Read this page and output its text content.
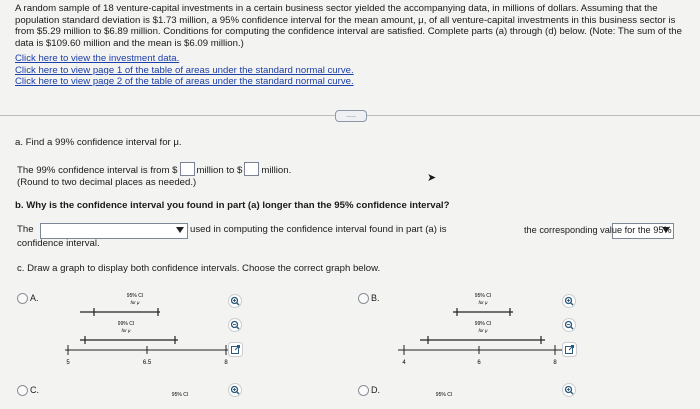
A random sample of 18 venture-capital investments in a certain business sector yielded the accompanying data, in millions of dollars. Assuming that the population standard deviation is $1.73 million, a 95% confidence interval for the mean amount, μ, of all venture-capital investments in this business sector is from $5.29 million to $6.89 million. Conditions for computing the confidence interval are satisfied. Complete parts (a) through (d) below. (Note: The sum of the data is $109.60 million and the mean is $6.09 million.)
Click here to view the investment data.
Click here to view page 1 of the table of areas under the standard normal curve.
Click here to view page 2 of the table of areas under the standard normal curve.
.....
a. Find a 99% confidence interval for μ.
The 99% confidence interval is from $ million to $ million.
(Round to two decimal places as needed.)	➤
b. Why is the confidence interval you found in part (a) longer than the 95% confidence interval?
The
	used in computing the confidence interval found in part (a) is	the corresponding value for the 95%
confidence interval.
c. Draw a graph to display both confidence intervals. Choose the correct graph below.
A.	95% CI
for μ
99% CI
for μ
5	6.5	8
B.	95% CI
for μ
99% CI
for μ
4	6	8
C.	95% CI	D.	95% CI
